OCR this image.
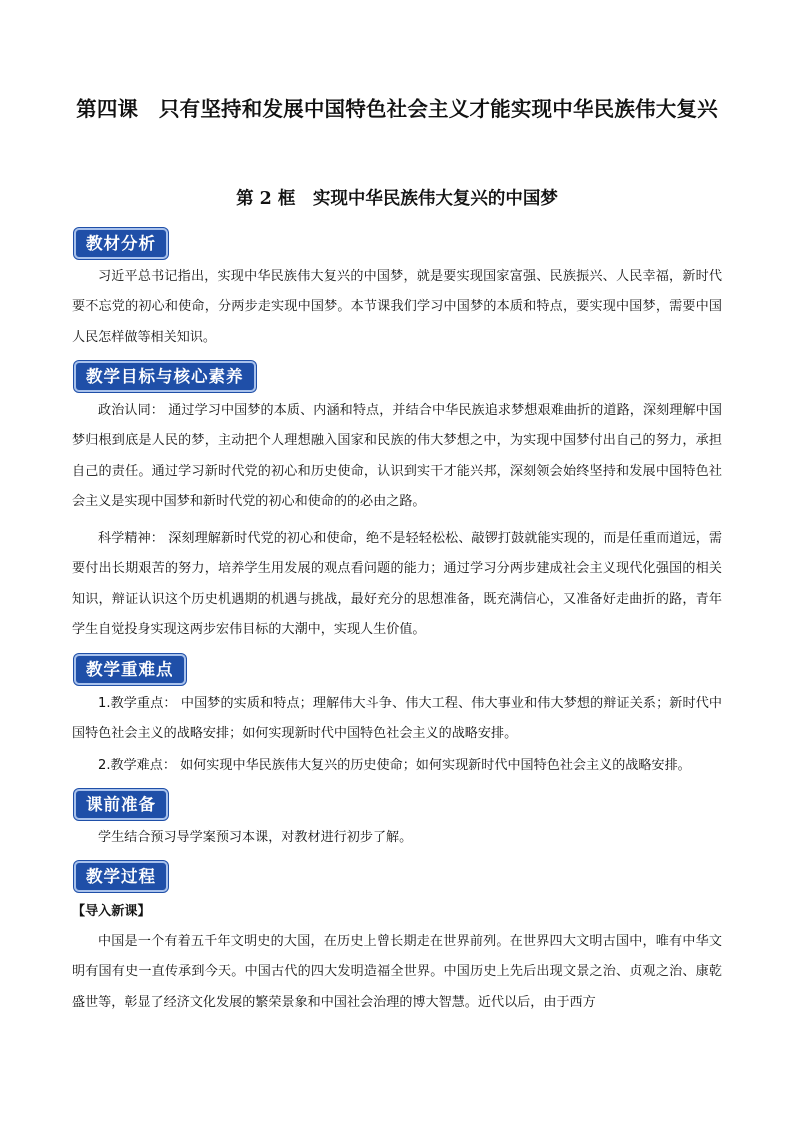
第四课　只有坚持和发展中国特色社会主义才能实现中华民族伟大复兴
第 2 框　实现中华民族伟大复兴的中国梦
教材分析

习近平总书记指出，实现中华民族伟大复兴的中国梦，就是要实现国家富强、民族振兴、人民幸福，新时代要不忘党的初心和使命，分两步走实现中国梦。本节课我们学习中国梦的本质和特点，要实现中国梦，需要中国人民怎样做等相关知识。

教学目标与核心素养

政治认同： 通过学习中国梦的本质、内涵和特点，并结合中华民族追求梦想艰难曲折的道路，深刻理解中国梦归根到底是人民的梦，主动把个人理想融入国家和民族的伟大梦想之中，为实现中国梦付出自己的努力，承担自己的责任。通过学习新时代党的初心和历史使命，认识到实干才能兴邦，深刻领会始终坚持和发展中国特色社会主义是实现中国梦和新时代党的初心和使命的的必由之路。

科学精神： 深刻理解新时代党的初心和使命，绝不是轻轻松松、敲锣打鼓就能实现的，而是任重而道远，需要付出长期艰苦的努力，培养学生用发展的观点看问题的能力；通过学习分两步建成社会主义现代化强国的相关知识，辩证认识这个历史机遇期的机遇与挑战，最好充分的思想准备，既充满信心，又准备好走曲折的路，青年学生自觉投身实现这两步宏伟目标的大潮中，实现人生价值。

教学重难点

1.教学重点： 中国梦的实质和特点；理解伟大斗争、伟大工程、伟大事业和伟大梦想的辩证关系；新时代中国特色社会主义的战略安排；如何实现新时代中国特色社会主义的战略安排。

2.教学难点： 如何实现中华民族伟大复兴的历史使命；如何实现新时代中国特色社会主义的战略安排。

课前准备

学生结合预习导学案预习本课，对教材进行初步了解。

教学过程
【导入新课】

中国是一个有着五千年文明史的大国，在历史上曾长期走在世界前列。在世界四大文明古国中，唯有中华文明有国有史一直传承到今天。中国古代的四大发明造福全世界。中国历史上先后出现文景之治、贞观之治、康乾盛世等，彰显了经济文化发展的繁荣景象和中国社会治理的博大智慧。近代以后，由于西方
